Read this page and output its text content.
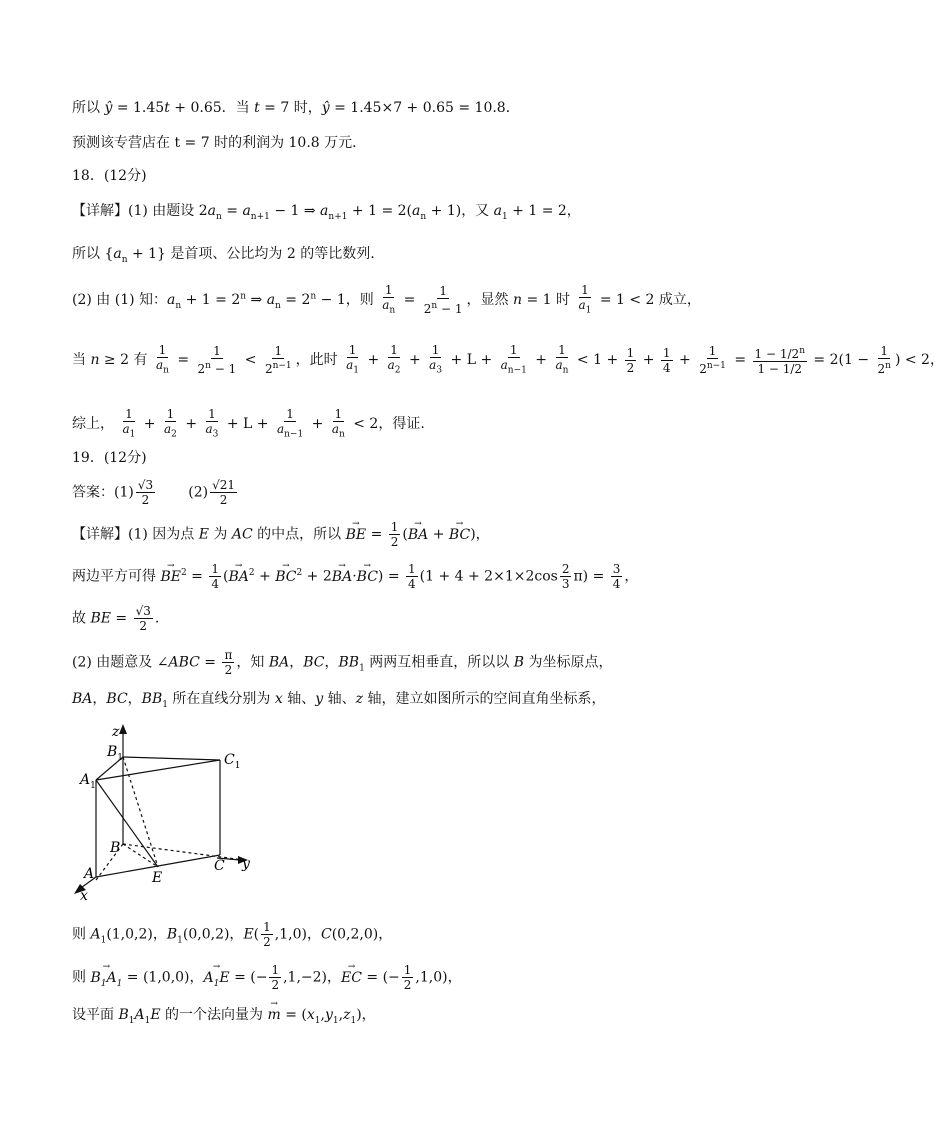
所以 ŷ = 1.45t + 0.65．当 t = 7 时，ŷ = 1.45×7 + 0.65 = 10.8．
预测该专营店在 t = 7 时的利润为 10.8 万元．
18．(12分)
【详解】(1) 由题设 $2a_n = a_{n+1} - 1$ ⇒ $a_{n+1} + 1 = 2(a_n + 1)$，又 $a_1 + 1 = 2$，
所以 $\{a_n + 1\}$ 是首项、公比均为 2 的等比数列.
(2) 由 (1) 知：$a_n + 1 = 2^n$ ⇒ $a_n = 2^n - 1$，则 $\frac{1}{a_n} = \frac{1}{2^n - 1}$ ，显然 n = 1 时 $\frac{1}{a_1} = 1 < 2$ 成立，
当 n ≥ 2 有 $\frac{1}{a_n} = \frac{1}{2^n - 1} < \frac{1}{2^{n-1}}$ ，此时 $\frac{1}{a_1} + \frac{1}{a_2} + \frac{1}{a_3} + L + \frac{1}{a_{n-1}} + \frac{1}{a_n} < 1 + \frac{1}{2} + \frac{1}{4} + \frac{1}{2^{n-1}} = \frac{1 - 1/2^n}{1 - 1/2} = 2(1 - \frac{1}{2^n}$ ) < 2，
综上， $\frac{1}{a_1} + \frac{1}{a_2} + \frac{1}{a_3} + L + \frac{1}{a_{n-1}} + \frac{1}{a_n} < 2$，得证.
19．(12分)
答案：$(1) \frac{√3}{2} (2) \frac{√21}{2}$
【详解】(1) 因为点 E 为 AC 的中点，所以 → BE = $\frac{1}{2}$ (→ BA + → BC)，
两边平方可得 → $BE^2 = \frac{1}{4}$ (→ $BA^2$ + → $BC^2 + 2\to BA\cdot\to BC) = \frac{1}{4} (1 + 4 + 2\times 1\times 2\cos \frac{2}{3} \pi) = \frac{3}{4}$ ，
故 BE = $\frac{√3}{2}$ .
(2) 由题意及 ∠ABC = $\frac{\pi}{2}$ ，知 BA，BC，$BB_1$ 两两互相垂直，所以以 B 为坐标原点，
BA，BC，$BB_1$ 所在直线分别为 x 轴、y 轴、z 轴，建立如图所示的空间直角坐标系，
z
$B_1$	$C_1$
$A_1$
B
A	E
C y
x
则 $A_1(1,0,2)$，$B_1(0,0,2)$，$E( \frac{1}{2} ,1,0)$，C(0,2,0)，
则 → $B_1A_1 = (1,0,0)$，→ $A_1E$ = (− $\frac{1}{2} ,1,-2$)，→ EC = (− $\frac{1}{2} ,1,0$)，
设平面 $B_1A_1E$ 的一个法向量为 → $m = (x_1,y_1,z_1)$，
